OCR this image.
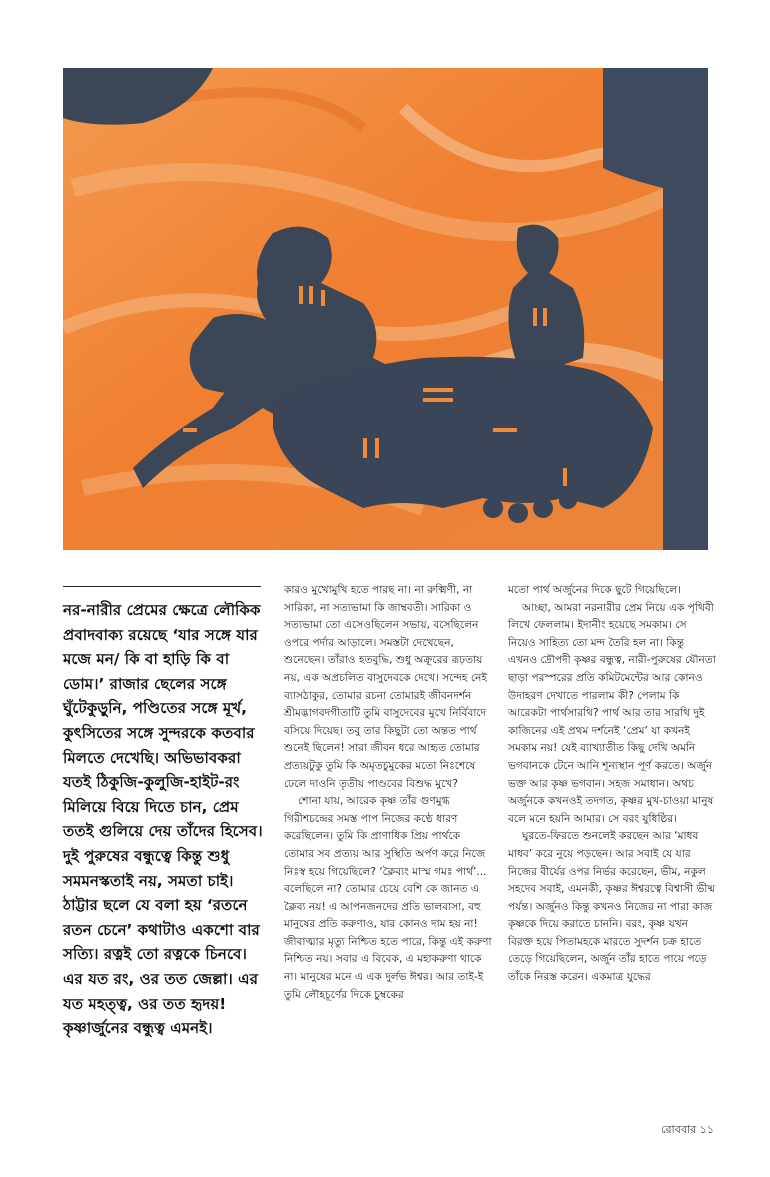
নর-নারীর প্রেমের ক্ষেত্রে লৌকিক প্রবাদবাক্য রয়েছে ‘যার সঙ্গে যার মজে মন/ কি বা হাড়ি কি বা ডোম।’ রাজার ছেলের সঙ্গে ঘুঁটেকুড়ুনি, পণ্ডিতের সঙ্গে মূর্খ, কুৎসিতের সঙ্গে সুন্দরকে কতবার মিলতে দেখেছি। অভিভাবকরা যতই ঠিকুজি-কুলুজি-হাইট-রং মিলিয়ে বিয়ে দিতে চান, প্রেম ততই গুলিয়ে দেয় তাঁদের হিসেব। দুই পুরুষের বন্ধুত্বে কিন্তু শুধু সমমনস্কতাই নয়, সমতা চাই। ঠাট্টার ছলে যে বলা হয় ‘রতনে রতন চেনে’ কথাটাও একশো বার সত্যি। রত্নই তো রত্নকে চিনবে। এর যত রং, ওর তত জেল্লা। এর যত মহত্ত্ব, ওর তত হৃদয়! কৃষ্ণার্জুনের বন্ধুত্ব এমনই।

কারও মুখোমুখি হতে পারছ না। না রুক্মিণী, না সারিকা, না সত্যভামা কি জাম্ববতী। সারিকা ও সত্যভামা তো এসেওছিলেন সভায়, বসেছিলেন ওপরে পর্দার আড়ালে। সমস্তটা দেখেছেন, শুনেছেন। তাঁরাও হতবুদ্ধি, শুধু অক্রূরের রূঢ়তায় নয়, এক অপ্রচলিত বাসুদেবকে দেখে। সন্দেহ নেই ব্যাসঠাকুর, তোমার রচনা তোমারই জীবনদর্শন শ্রীমদ্ভাগবদগীতাটি তুমি বাসুদেবের মুখে নির্বিবাদে বসিয়ে দিয়েছ। তবু তার কিছুটা তো অন্তত পার্থ শুনেই ছিলেন! সারা জীবন ধরে আহৃত তোমার প্রত্যয়টুকু তুমি কি অমৃতচুমুকের মতো নিঃশেষে ঢেলে দাওনি তৃতীয় পাণ্ডবের বিশুদ্ধ মুখে?

শোনা যায়, আরেক কৃষ্ণ তাঁর গুণমুগ্ধ গিরীশচন্দ্রের সমস্ত পাপ নিজের কণ্ঠে ধারণ করেছিলেন। তুমি কি প্রাণাধিক প্রিয় পার্থকে তোমার সব প্রত্যয় আর সুস্থিতি অর্পণ করে নিজে নিঃস্ব হয়ে গিয়েছিলে? ‘ক্লৈব্যং মাস্ম গমঃ পার্থ’... বলেছিলে না? তোমার চেয়ে বেশি কে জানত এ ক্লৈব্য নয়! এ আপনজনদের প্রতি ভালবাসা, বহু মানুষের প্রতি করুণাও, যার কোনও দাম হয় না! জীবাত্মার মৃত্যু নিশ্চিত হতে পারে, কিন্তু এই করুণা নিশ্চিত নয়। সবার এ বিবেক, এ মহাকরুণা থাকে না। মানুষের মনে এ এক দুর্লভ ঈশ্বর। আর তাই-ই তুমি লৌহচূর্ণের দিকে চুম্বকের

মতো পার্থ অর্জুনের দিকে ছুটে গিয়েছিলে।

আচ্ছা, আমরা নরনারীর প্রেম নিয়ে এক পৃথিবী লিখে ফেললাম। ইদানীং হয়েছে সমকাম। সে নিয়েও সাহিত্য তো মন্দ তৈরি হল না। কিন্তু এখনও দ্রৌপদী কৃষ্ণর বন্ধুত্ব, নারী-পুরুষের যৌনতা ছাড়া পরস্পরের প্রতি কমিটমেন্টের আর কোনও উদাহরণ দেখাতে পারলাম কী? পেলাম কি আরেকটা পার্থসারথি? পার্থ আর তার সারথি দুই কাজিনের এই প্রথম দর্শনেই ‘প্রেম’ যা কখনই সমকাম নয়! যেই ব্যাখ্যাতীত কিছু দেখি অমনি ভগবানকে টেনে আনি শূন্যস্থান পূর্ণ করতে। অর্জুন ভক্ত আর কৃষ্ণ ভগবান। সহজ সমাধান। অথচ অর্জুনকে কখনওই তদগত, কৃষ্ণর মুখ-চাওয়া মানুষ বলে মনে হয়নি আমার। সে বরং যুধিষ্ঠির।

ঘুরতে-ফিরতে শুনলেই করছেন আর ‘মাধব মাধব’ করে নুয়ে পড়ছেন। আর সবাই যে যার নিজের বীর্যের ওপর নির্ভর করেছেন, ভীম, নকুল সহদেব সবাই, এমনকী, কৃষ্ণর ঈশ্বরত্বে বিশ্বাসী ভীষ্ম পর্যন্ত। অর্জুনও কিন্তু কখনও নিজের না পারা কাজ কৃষ্ণকে দিয়ে করাতে চাননি। বরং, কৃষ্ণ যখন বিরক্ত হয়ে পিতামহকে মারতে সুদর্শন চক্র হাতে তেড়ে গিয়েছিলেন, অর্জুন তাঁর হাতে পায়ে পড়ে তাঁকে নিরস্ত করেন। একমাত্র যুদ্ধের

রোববার ১১
